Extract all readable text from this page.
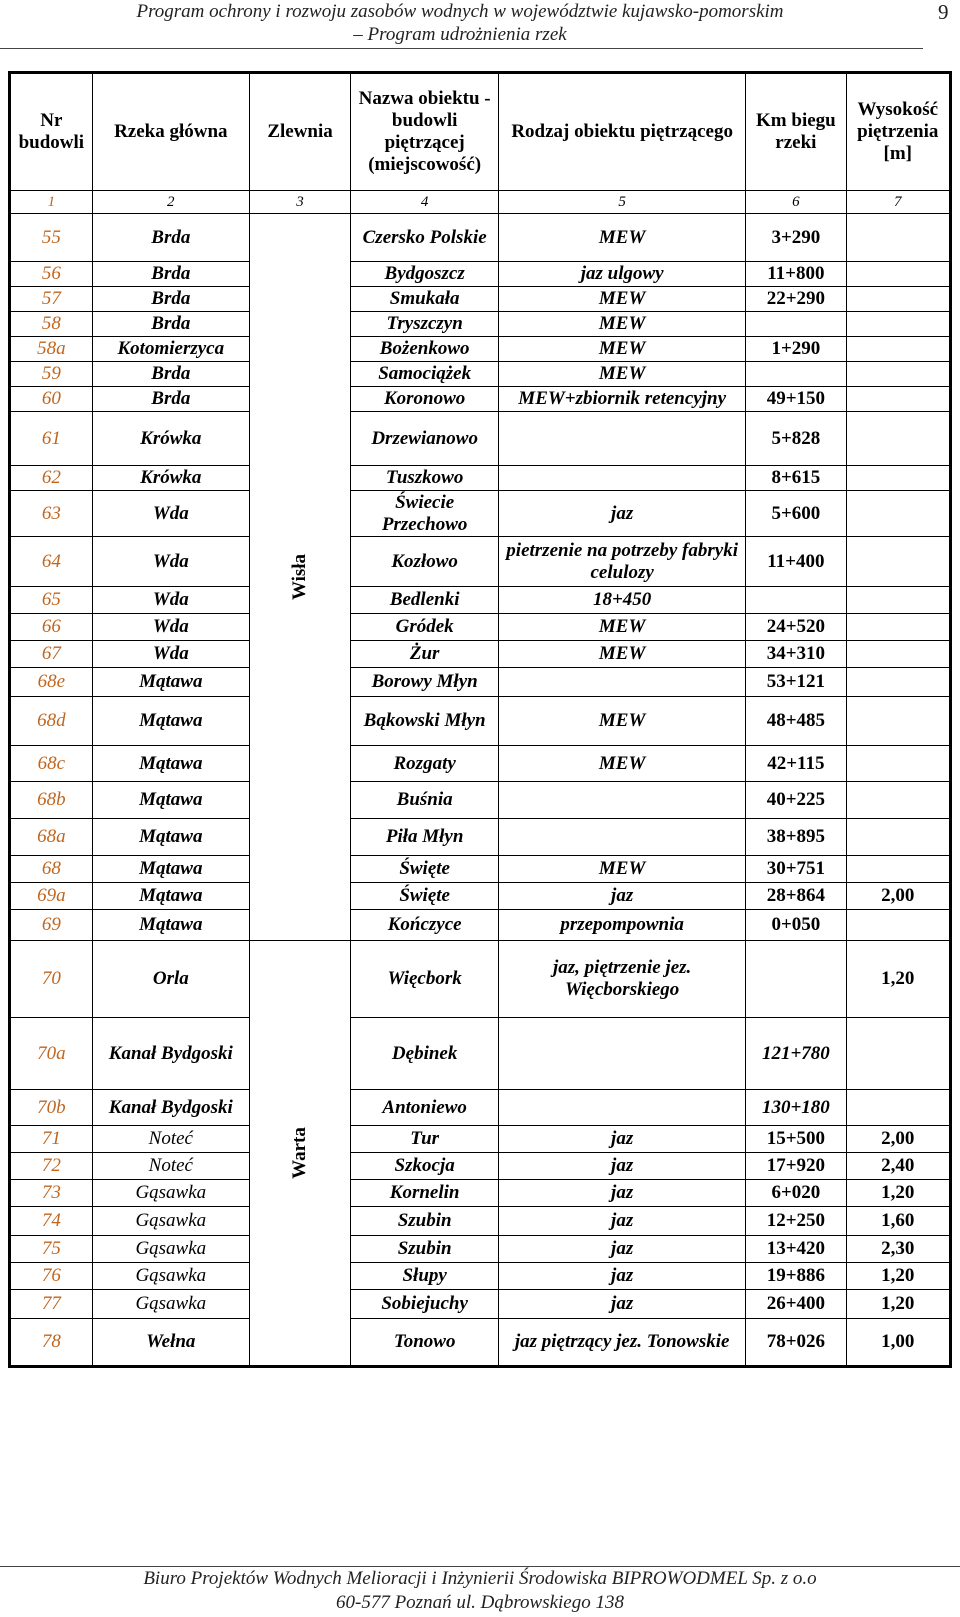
Program ochrony i rozwoju zasobów wodnych w województwie kujawsko-pomorskim
– Program udrożnienia rzek
9
Nr budowli	Rzeka główna	Zlewnia	Nazwa obiektu - budowli piętrzącej (miejscowość)	Rodzaj obiektu piętrzącego	Km biegu rzeki	Wysokość piętrzenia [m]
1	2	3	4	5	6	7
55	Brda	Wisła	Czersko Polskie	MEW	3+290	
56	Brda		Bydgoszcz	jaz ulgowy	11+800	
57	Brda		Smukała	MEW	22+290	
58	Brda		Tryszczyn	MEW		
58a	Kotomierzyca		Bożenkowo	MEW	1+290	
59	Brda		Samociążek	MEW		
60	Brda		Koronowo	MEW+zbiornik retencyjny	49+150	
61	Krówka		Drzewianowo		5+828	
62	Krówka		Tuszkowo		8+615	
63	Wda		Świecie Przechowo	jaz	5+600	
64	Wda		Kozłowo	pietrzenie na potrzeby fabryki celulozy	11+400	
65	Wda		Bedlenki	18+450		
66	Wda		Gródek	MEW	24+520	
67	Wda		Żur	MEW	34+310	
68e	Mątawa		Borowy Młyn		53+121	
68d	Mątawa		Bąkowski Młyn	MEW	48+485	
68c	Mątawa		Rozgaty	MEW	42+115	
68b	Mątawa		Buśnia		40+225	
68a	Mątawa		Piła Młyn		38+895	
68	Mątawa		Święte	MEW	30+751	
69a	Mątawa		Święte	jaz	28+864	2,00
69	Mątawa		Kończyce	przepompownia	0+050	
70	Orla	Warta	Więcbork	jaz, piętrzenie jez. Więcborskiego		1,20
70a	Kanał Bydgoski		Dębinek		121+780	
70b	Kanał Bydgoski		Antoniewo		130+180	
71	Noteć		Tur	jaz	15+500	2,00
72	Noteć		Szkocja	jaz	17+920	2,40
73	Gąsawka		Kornelin	jaz	6+020	1,20
74	Gąsawka		Szubin	jaz	12+250	1,60
75	Gąsawka		Szubin	jaz	13+420	2,30
76	Gąsawka		Słupy	jaz	19+886	1,20
77	Gąsawka		Sobiejuchy	jaz	26+400	1,20
78	Wełna		Tonowo	jaz piętrzący jez. Tonowskie	78+026	1,00
Biuro Projektów Wodnych Melioracji i Inżynierii Środowiska BIPROWODMEL Sp. z o.o
60-577 Poznań ul. Dąbrowskiego 138
